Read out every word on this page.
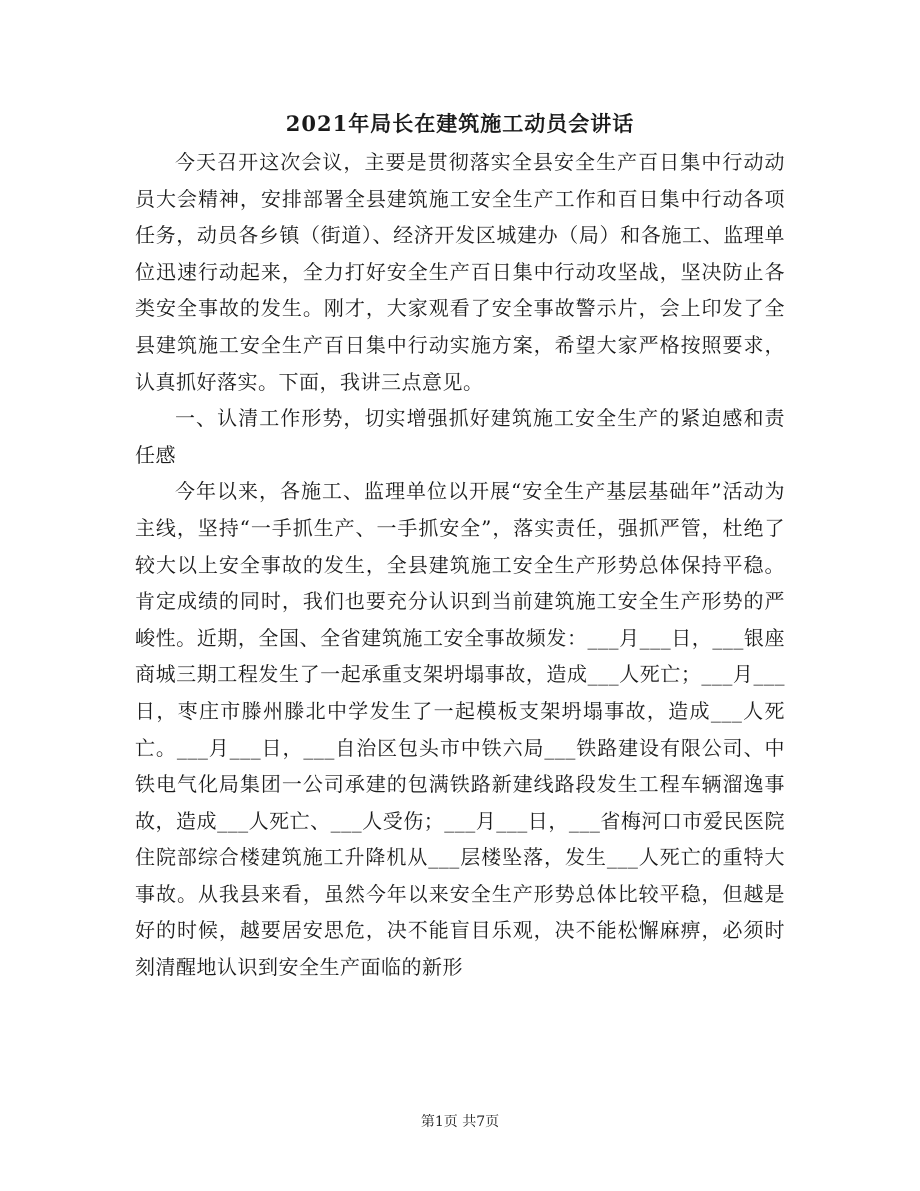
2021年局长在建筑施工动员会讲话

今天召开这次会议，主要是贯彻落实全县安全生产百日集中行动动员大会精神，安排部署全县建筑施工安全生产工作和百日集中行动各项任务，动员各乡镇（街道）、经济开发区城建办（局）和各施工、监理单位迅速行动起来，全力打好安全生产百日集中行动攻坚战，坚决防止各类安全事故的发生。刚才，大家观看了安全事故警示片，会上印发了全县建筑施工安全生产百日集中行动实施方案，希望大家严格按照要求，认真抓好落实。下面，我讲三点意见。

一、认清工作形势，切实增强抓好建筑施工安全生产的紧迫感和责任感

今年以来，各施工、监理单位以开展“安全生产基层基础年”活动为主线，坚持“一手抓生产、一手抓安全”，落实责任，强抓严管，杜绝了较大以上安全事故的发生，全县建筑施工安全生产形势总体保持平稳。肯定成绩的同时，我们也要充分认识到当前建筑施工安全生产形势的严峻性。近期，全国、全省建筑施工安全事故频发：___月___日，___银座商城三期工程发生了一起承重支架坍塌事故，造成___人死亡；___月___日，枣庄市滕州滕北中学发生了一起模板支架坍塌事故，造成___人死亡。___月___日，___自治区包头市中铁六局___铁路建设有限公司、中铁电气化局集团一公司承建的包满铁路新建线路段发生工程车辆溜逸事故，造成___人死亡、___人受伤；___月___日，___省梅河口市爱民医院住院部综合楼建筑施工升降机从___层楼坠落，发生___人死亡的重特大事故。从我县来看，虽然今年以来安全生产形势总体比较平稳，但越是好的时候，越要居安思危，决不能盲目乐观，决不能松懈麻痹，必须时刻清醒地认识到安全生产面临的新形

第1页 共7页
